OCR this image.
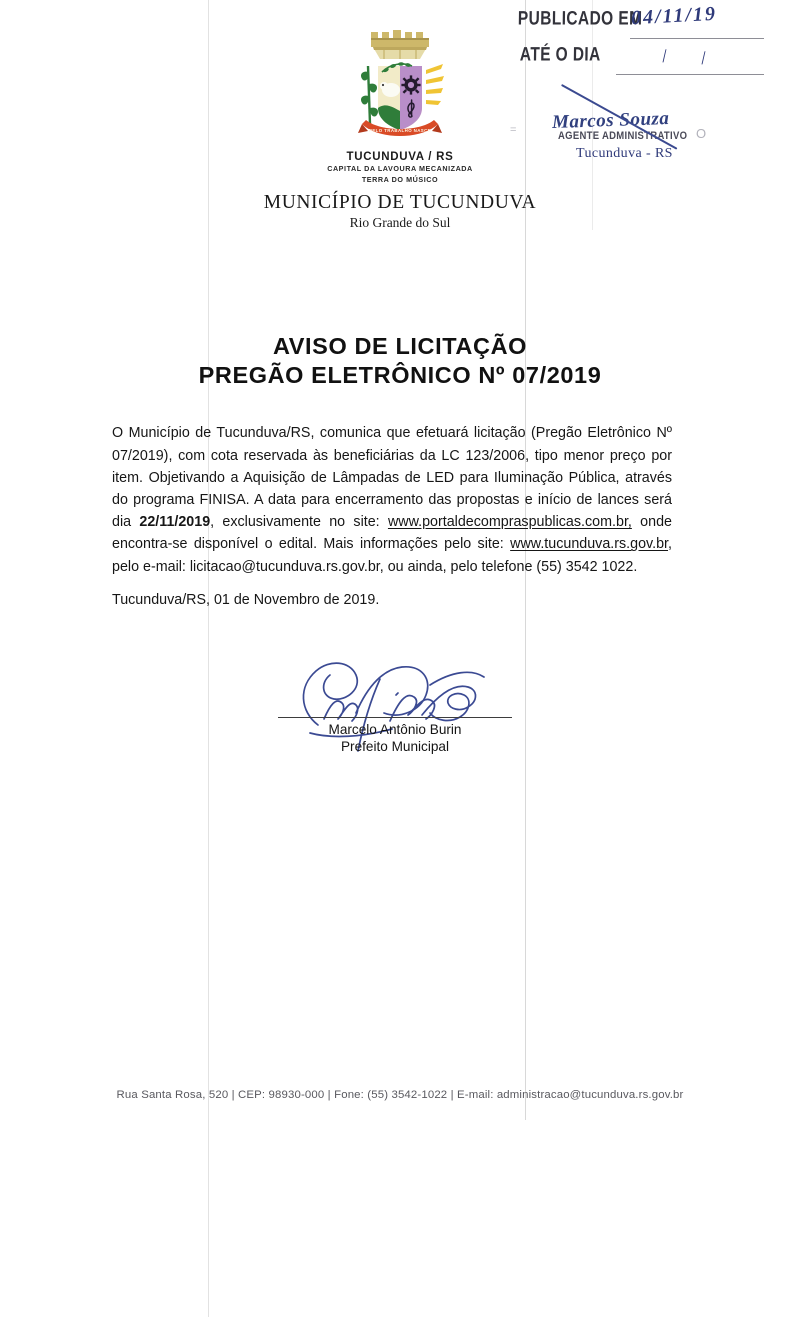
PELO TRABALHO NASCE
TUCUNDUVA / RS
CAPITAL DA LAVOURA MECANIZADA
TERRA DO MÚSICO
MUNICÍPIO DE TUCUNDUVA
Rio Grande do Sul
PUBLICADO EM
04/11/19
ATÉ O DIA	/ /
=	O
Marcos Souza
AGENTE ADMINISTRATIVO
Tucunduva - RS
AVISO DE LICITAÇÃO
PREGÃO ELETRÔNICO Nº 07/2019

O Município de Tucunduva/RS, comunica que efetuará licitação (Pregão Eletrônico Nº 07/2019), com cota reservada às beneficiárias da LC 123/2006, tipo menor preço por item. Objetivando a Aquisição de Lâmpadas de LED para Iluminação Pública, através do programa FINISA. A data para encerramento das propostas e início de lances será dia 22/11/2019, exclusivamente no site: www.portaldecompraspublicas.com.br, onde encontra-se disponível o edital. Mais informações pelo site: www.tucunduva.rs.gov.br, pelo e-mail: licitacao@tucunduva.rs.gov.br, ou ainda, pelo telefone (55) 3542 1022.

Tucunduva/RS, 01 de Novembro de 2019.
Marcelo Antônio Burin
Prefeito Municipal
Rua Santa Rosa, 520 | CEP: 98930-000 | Fone: (55) 3542-1022 | E-mail: administracao@tucunduva.rs.gov.br
